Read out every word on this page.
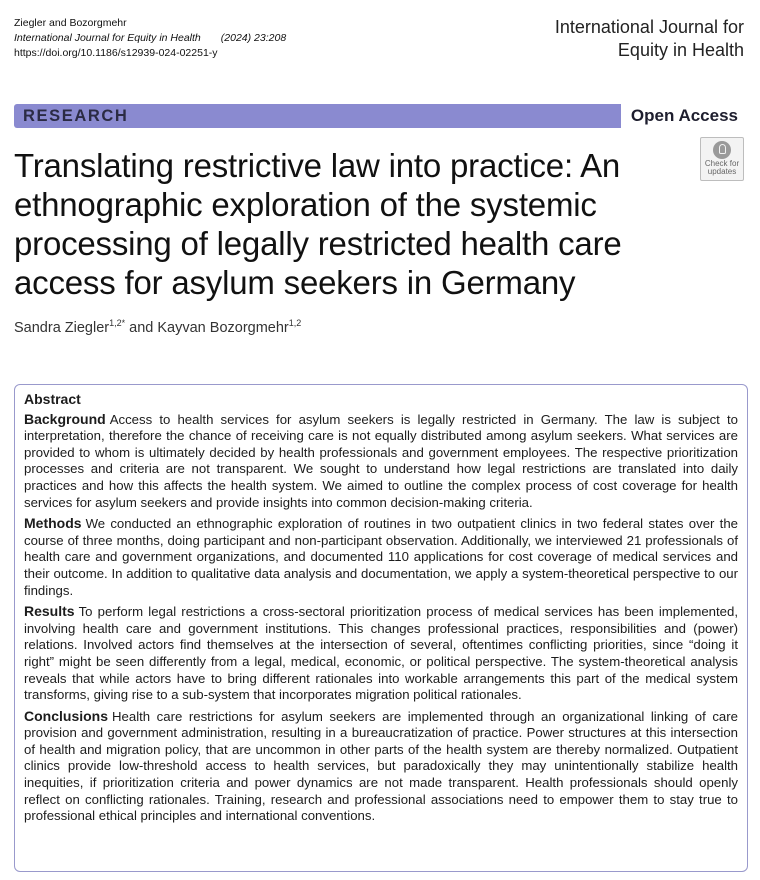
Ziegler and Bozorgmehr
International Journal for Equity in Health (2024) 23:208
https://doi.org/10.1186/s12939-024-02251-y
International Journal for
Equity in Health
RESEARCH	Open Access
Check for
updates
Translating restrictive law into practice: An ethnographic exploration of the systemic processing of legally restricted health care access for asylum seekers in Germany
Sandra Ziegler$^{1,2*}$ and Kayvan Bozorgmehr$^{1,2}$
Abstract

Background Access to health services for asylum seekers is legally restricted in Germany. The law is subject to interpretation, therefore the chance of receiving care is not equally distributed among asylum seekers. What services are provided to whom is ultimately decided by health professionals and government employees. The respective prioritization processes and criteria are not transparent. We sought to understand how legal restrictions are translated into daily practices and how this affects the health system. We aimed to outline the complex process of cost coverage for health services for asylum seekers and provide insights into common decision-making criteria.

Methods We conducted an ethnographic exploration of routines in two outpatient clinics in two federal states over the course of three months, doing participant and non-participant observation. Additionally, we interviewed 21 professionals of health care and government organizations, and documented 110 applications for cost coverage of medical services and their outcome. In addition to qualitative data analysis and documentation, we apply a system-theoretical perspective to our findings.

Results To perform legal restrictions a cross-sectoral prioritization process of medical services has been implemented, involving health care and government institutions. This changes professional practices, responsibilities and (power) relations. Involved actors find themselves at the intersection of several, oftentimes conflicting priorities, since “doing it right” might be seen differently from a legal, medical, economic, or political perspective. The system-theoretical analysis reveals that while actors have to bring different rationales into workable arrangements this part of the medical system transforms, giving rise to a sub-system that incorporates migration political rationales.

Conclusions Health care restrictions for asylum seekers are implemented through an organizational linking of care provision and government administration, resulting in a bureaucratization of practice. Power structures at this intersection of health and migration policy, that are uncommon in other parts of the health system are thereby normalized. Outpatient clinics provide low-threshold access to health services, but paradoxically they may unintentionally stabilize health inequities, if prioritization criteria and power dynamics are not made transparent. Health professionals should openly reflect on conflicting rationales. Training, research and professional associations need to empower them to stay true to professional ethical principles and international conventions.
